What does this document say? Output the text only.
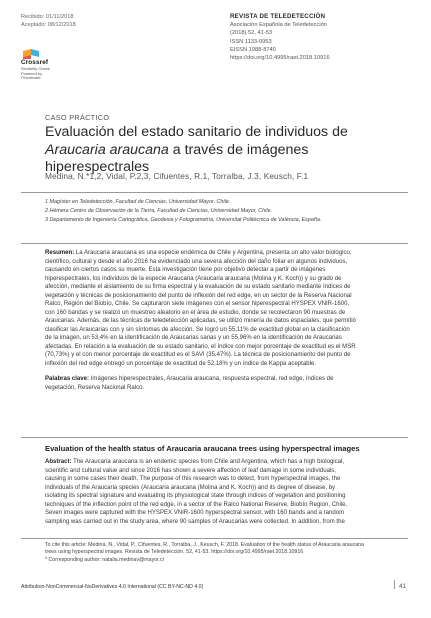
Recibido: 01/11/2018
Aceptado: 08/12/2018
Crossref
Similarity Check
Powered by iThenticate
REVISTA DE TELEDETECCIÓN
Asociación Española de Teledetección
(2018) 52, 41-53
ISSN 1133-0953
EISSN 1988-8740
https://doi.org/10.4995/raet.2018.10916
CASO PRÁCTICO
Evaluación del estado sanitario de individuos de
Araucaria araucana a través de imágenes hiperespectrales
Medina, N.*1,2, Vidal, P.2,3, Cifuentes, R.1, Torralba, J.3, Keusch, F.1
1 Magíster en Teledetección, Facultad de Ciencias, Universidad Mayor, Chile.
2 Hémera Centro de Observación de la Tierra, Facultad de Ciencias, Universidad Mayor, Chile.
3 Departamento de Ingeniería Cartográfica, Geodesia y Fotogrametría, Universitat Politècnica de València, España.
Resumen: La Araucaria araucana es una especie endémica de Chile y Argentina, presenta un alto valor biológico,
científico, cultural y desde el año 2016 ha evidenciado una severa afección del daño foliar en algunos individuos,
causando en ciertos casos su muerte. Esta investigación tiene por objetivo detectar a partir de imágenes
hiperespectrales, los individuos de la especie Araucaria (Araucaria araucana (Molina y K. Koch)) y su grado de
afección, mediante el aislamiento de su firma espectral y la evaluación de su estado sanitario mediante índices de
vegetación y técnicas de posicionamiento del punto de inflexión del red edge, en un sector de la Reserva Nacional
Ralco, Región del Biobío, Chile. Se capturaron siete imágenes con el sensor hiperespectral HYSPEX VNIR-1600,
con 160 bandas y se realizó un muestreo aleatorio en el área de estudio, donde se recolectaron 90 muestras de
Araucarias. Además, de las técnicas de teledetección aplicadas, se utilizó minería de datos espaciales, que permitió
clasificar las Araucarias con y sin síntomas de afección. Se logró un 55,11% de exactitud global en la clasificación
de la imagen, un 53,4% en la identificación de Araucarias sanas y un 55,96% en la identificación de Araucarias
afectadas. En relación a la evaluación de su estado sanitario, el índice con mejor porcentaje de exactitud es el MSR
(70,73%) y el con menor porcentaje de exactitud es el SAVI (35,47%). La técnica de posicionamiento del punto de
inflexión del red edge entregó un porcentaje de exactitud de 52,18% y un índice de Kappa aceptable.
Palabras clave: Imágenes hiperespectrales, Araucaria araucana, respuesta espectral, red edge, índices de
vegetación, Reserva Nacional Ralco.
Evaluation of the health status of Araucaria araucana trees using hyperspectral images
Abstract: The Araucaria araucana is an endemic species from Chile and Argentina, which has a high biological,
scientific and cultural value and since 2016 has shown a severe affection of leaf damage in some individuals,
causing in some cases their death. The purpose of this research was to detect, from hyperspectral images, the
individuals of the Araucaria species (Araucaria araucana (Molina and K. Koch)) and its degree of disease, by
isolating its spectral signature and evaluating its physiological state through indices of vegetation and positioning
techniques of the inflection point of the red edge, in a sector of the Ralco National Reserve, Biobío Region, Chile.
Seven images were captured with the HYSPEX VNIR-1600 hyperspectral sensor, with 160 bands and a random
sampling was carried out in the study area, where 90 samples of Araucarias were collected. In addition, from the
To cite this article: Medina, N., Vidal, P., Cifuentes, R., Torralba, J., Keusch, F. 2018. Evaluation of the health status of Araucaria araucana
trees using hyperspectral images. Revista de Teledetección, 52, 41-53. https://doi.org/10.4995/raet.2018.10916
* Corresponding author: natalia.medinav@mayor.cl
Attribution-NonCommercial-NoDerivatives 4.0 International (CC BY-NC-ND 4.0)	41
